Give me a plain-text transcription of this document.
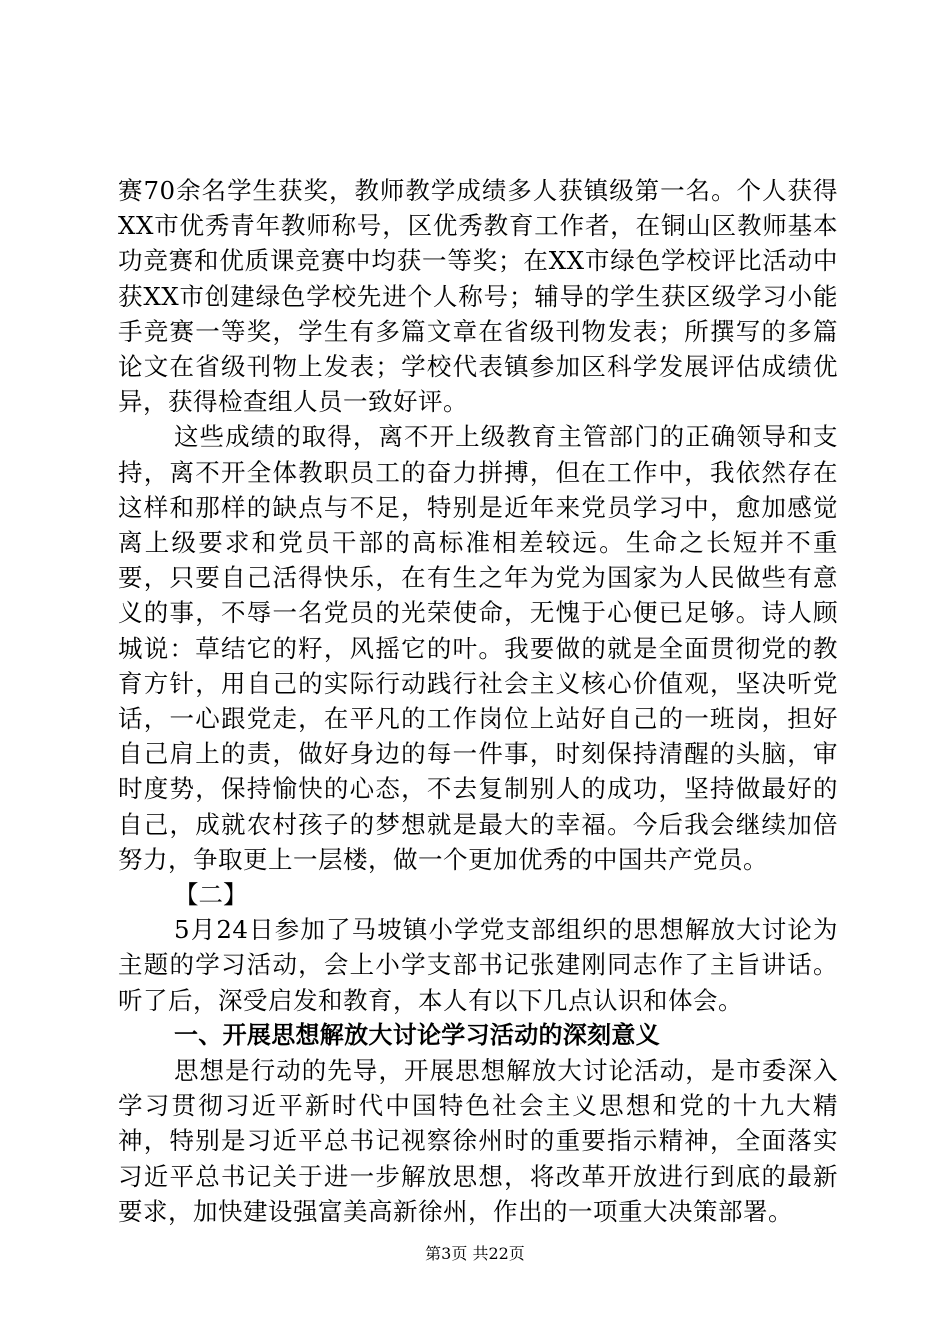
赛70余名学生获奖，教师教学成绩多人获镇级第一名。个人获得XX市优秀青年教师称号，区优秀教育工作者，在铜山区教师基本功竞赛和优质课竞赛中均获一等奖；在XX市绿色学校评比活动中获XX市创建绿色学校先进个人称号；辅导的学生获区级学习小能手竞赛一等奖，学生有多篇文章在省级刊物发表；所撰写的多篇论文在省级刊物上发表；学校代表镇参加区科学发展评估成绩优异，获得检查组人员一致好评。

这些成绩的取得，离不开上级教育主管部门的正确领导和支持，离不开全体教职员工的奋力拼搏，但在工作中，我依然存在这样和那样的缺点与不足，特别是近年来党员学习中，愈加感觉离上级要求和党员干部的高标准相差较远。生命之长短并不重要，只要自己活得快乐，在有生之年为党为国家为人民做些有意义的事，不辱一名党员的光荣使命，无愧于心便已足够。诗人顾城说：草结它的籽，风摇它的叶。我要做的就是全面贯彻党的教育方针，用自己的实际行动践行社会主义核心价值观，坚决听党话，一心跟党走，在平凡的工作岗位上站好自己的一班岗，担好自己肩上的责，做好身边的每一件事，时刻保持清醒的头脑，审时度势，保持愉快的心态，不去复制别人的成功，坚持做最好的自己，成就农村孩子的梦想就是最大的幸福。今后我会继续加倍努力，争取更上一层楼，做一个更加优秀的中国共产党员。

【二】

5月24日参加了马坡镇小学党支部组织的思想解放大讨论为主题的学习活动，会上小学支部书记张建刚同志作了主旨讲话。听了后，深受启发和教育，本人有以下几点认识和体会。

一、开展思想解放大讨论学习活动的深刻意义

思想是行动的先导，开展思想解放大讨论活动，是市委深入学习贯彻习近平新时代中国特色社会主义思想和党的十九大精神，特别是习近平总书记视察徐州时的重要指示精神，全面落实习近平总书记关于进一步解放思想，将改革开放进行到底的最新要求，加快建设强富美高新徐州，作出的一项重大决策部署。

第3页 共22页
